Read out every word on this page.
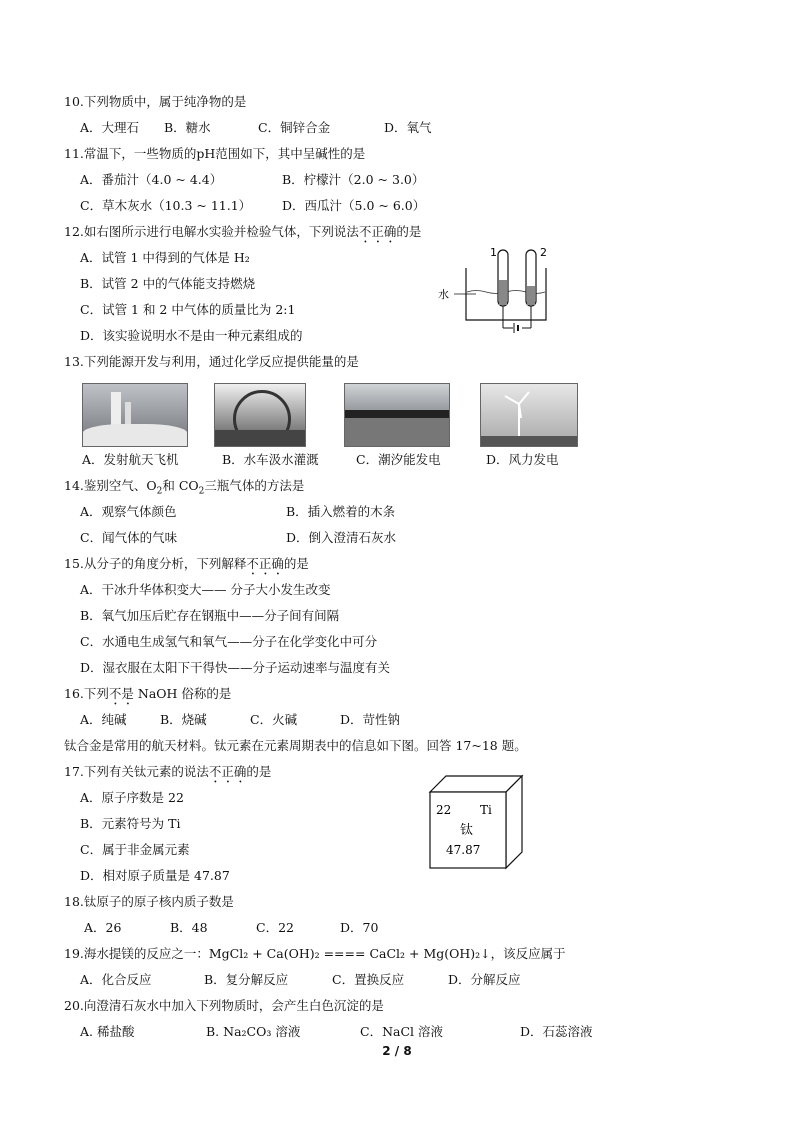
10.下列物质中，属于纯净物的是
A．大理石 B．糖水	C．铜锌合金	D．氧气
11.常温下，一些物质的pH范围如下，其中呈碱性的是
A．番茄汁（4.0 ~ 4.4）	B．柠檬汁（2.0 ~ 3.0）
C．草木灰水（10.3 ~ 11.1） D．西瓜汁（5.0 ~ 6.0）
12.如右图所示进行电解水实验并检验气体，下列说法不正确的是
A．试管 1 中得到的气体是 H₂
B．试管 2 中的气体能支持燃烧
C．试管 1 和 2 中气体的质量比为 2:1
D．该实验说明水不是由一种元素组成的
1	2
水
13.下列能源开发与利用，通过化学反应提供能量的是
A．发射航天飞机	B．水车汲水灌溉	C．潮汐能发电	D．风力发电
14.鉴别空气、$O_2$和 $CO_2$三瓶气体的方法是
A．观察气体颜色	B．插入燃着的木条
C．闻气体的气味	D．倒入澄清石灰水
15.从分子的角度分析，下列解释不正确的是
A．干冰升华体积变大—— 分子大小发生改变
B．氧气加压后贮存在钢瓶中——分子间有间隔
C．水通电生成氢气和氧气——分子在化学变化中可分
D．湿衣服在太阳下干得快——分子运动速率与温度有关
16.下列不是 NaOH 俗称的是
A．纯碱	B．烧碱	C．火碱	D．苛性钠
钛合金是常用的航天材料。钛元素在元素周期表中的信息如下图。回答 17~18 题。
17.下列有关钛元素的说法不正确的是
A．原子序数是 22
B．元素符号为 Ti
C．属于非金属元素
D．相对原子质量是 47.87
22 Ti
钛
47.87
18.钛原子的原子核内质子数是
A．26	B．48	C．22	D．70
19.海水提镁的反应之一：MgCl₂ + Ca(OH)₂ ==== CaCl₂ + Mg(OH)₂↓，该反应属于
A．化合反应	B．复分解反应	C．置换反应	D．分解反应
20.向澄清石灰水中加入下列物质时，会产生白色沉淀的是
A. 稀盐酸	B. Na₂CO₃ 溶液	C．NaCl 溶液	D．石蕊溶液
2 / 8
